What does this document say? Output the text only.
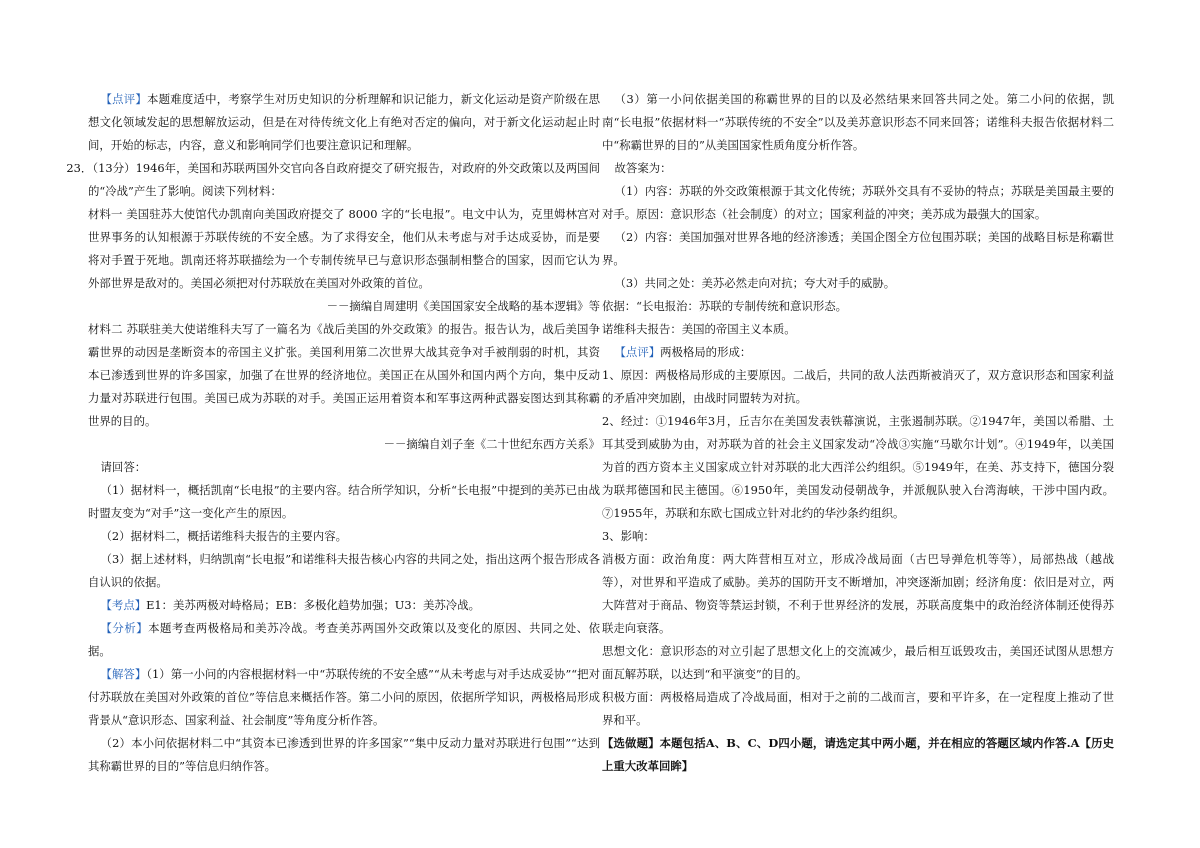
【点评】本题难度适中，考察学生对历史知识的分析理解和识记能力，新文化运动是资产阶级在思想文化领域发起的思想解放运动，但是在对待传统文化上有绝对否定的偏向，对于新文化运动起止时间，开始的标志，内容，意义和影响同学们也要注意识记和理解。

23．（13分）1946年，美国和苏联两国外交官向各自政府提交了研究报告，对政府的外交政策以及两国间的“冷战”产生了影响。阅读下列材料：

材料一 美国驻苏大使馆代办凯南向美国政府提交了 8000 字的“长电报”。电文中认为，克里姆林宫对世界事务的认知根源于苏联传统的不安全感。为了求得安全，他们从未考虑与对手达成妥协，而是要将对手置于死地。凯南还将苏联描绘为一个专制传统早已与意识形态强制相整合的国家，因而它认为外部世界是敌对的。美国必须把对付苏联放在美国对外政策的首位。

－－摘编自周建明《美国国家安全战略的基本逻辑》等

材料二 苏联驻美大使诺维科夫写了一篇名为《战后美国的外交政策》的报告。报告认为，战后美国争霸世界的动因是垄断资本的帝国主义扩张。美国利用第二次世界大战其竞争对手被削弱的时机，其资本已渗透到世界的许多国家，加强了在世界的经济地位。美国正在从国外和国内两个方向，集中反动力量对苏联进行包围。美国已成为苏联的对手。美国正运用着资本和军事这两种武器妄图达到其称霸世界的目的。

－－摘编自刘子奎《二十世纪东西方关系》

请回答：

（1）据材料一，概括凯南“长电报”的主要内容。结合所学知识，分析“长电报”中提到的美苏已由战时盟友变为“对手”这一变化产生的原因。

（2）据材料二，概括诺维科夫报告的主要内容。

（3）据上述材料，归纳凯南“长电报”和诺维科夫报告核心内容的共同之处，指出这两个报告形成各自认识的依据。

【考点】E1：美苏两极对峙格局；EB：多极化趋势加强；U3：美苏冷战。

【分析】本题考查两极格局和美苏冷战。考查美苏两国外交政策以及变化的原因、共同之处、依据。

【解答】（1）第一小问的内容根据材料一中“苏联传统的不安全感”“从未考虑与对手达成妥协”“把对付苏联放在美国对外政策的首位”等信息来概括作答。第二小问的原因，依据所学知识，两极格局形成背景从“意识形态、国家利益、社会制度”等角度分析作答。

（2）本小问依据材料二中“其资本已渗透到世界的许多国家”“集中反动力量对苏联进行包围”“达到其称霸世界的目的”等信息归纳作答。

（3）第一小问依据美国的称霸世界的目的以及必然结果来回答共同之处。第二小问的依据，凯南“长电报”依据材料一“苏联传统的不安全”以及美苏意识形态不同来回答；诺维科夫报告依据材料二中“称霸世界的目的”从美国国家性质角度分析作答。

故答案为：

（1）内容：苏联的外交政策根源于其文化传统；苏联外交具有不妥协的特点；苏联是美国最主要的对手。原因：意识形态（社会制度）的对立；国家利益的冲突；美苏成为最强大的国家。

（2）内容：美国加强对世界各地的经济渗透；美国企图全方位包围苏联；美国的战略目标是称霸世界。

（3）共同之处：美苏必然走向对抗；夸大对手的威胁。

依据：“长电报治：苏联的专制传统和意识形态。

诺维科夫报告：美国的帝国主义本质。

【点评】两极格局的形成：

1、原因：两极格局形成的主要原因。二战后，共同的敌人法西斯被消灭了，双方意识形态和国家利益的矛盾冲突加剧，由战时同盟转为对抗。

2、经过：①1946年3月，丘吉尔在美国发表铁幕演说，主张遏制苏联。②1947年，美国以希腊、土耳其受到威胁为由，对苏联为首的社会主义国家发动“冷战③实施“马歇尔计划”。④1949年，以美国为首的西方资本主义国家成立针对苏联的北大西洋公约组织。⑤1949年，在美、苏支持下，德国分裂为联邦德国和民主德国。⑥1950年，美国发动侵朝战争，并派舰队驶入台湾海峡，干涉中国内政。⑦1955年，苏联和东欧七国成立针对北约的华沙条约组织。

3、影响：

消极方面：政治角度：两大阵营相互对立，形成冷战局面（古巴导弹危机等等），局部热战（越战等），对世界和平造成了威胁。美苏的国防开支不断增加，冲突逐渐加剧；经济角度：依旧是对立，两大阵营对于商品、物资等禁运封锁，不利于世界经济的发展，苏联高度集中的政治经济体制还使得苏联走向衰落。

思想文化：意识形态的对立引起了思想文化上的交流减少，最后相互诋毁攻击，美国还试图从思想方面瓦解苏联，以达到“和平演变”的目的。

积极方面：两极格局造成了冷战局面，相对于之前的二战而言，要和平许多，在一定程度上推动了世界和平。

【选做题】本题包括A、B、C、D四小题，请选定其中两小题，并在相应的答题区域内作答.A【历史上重大改革回眸】
